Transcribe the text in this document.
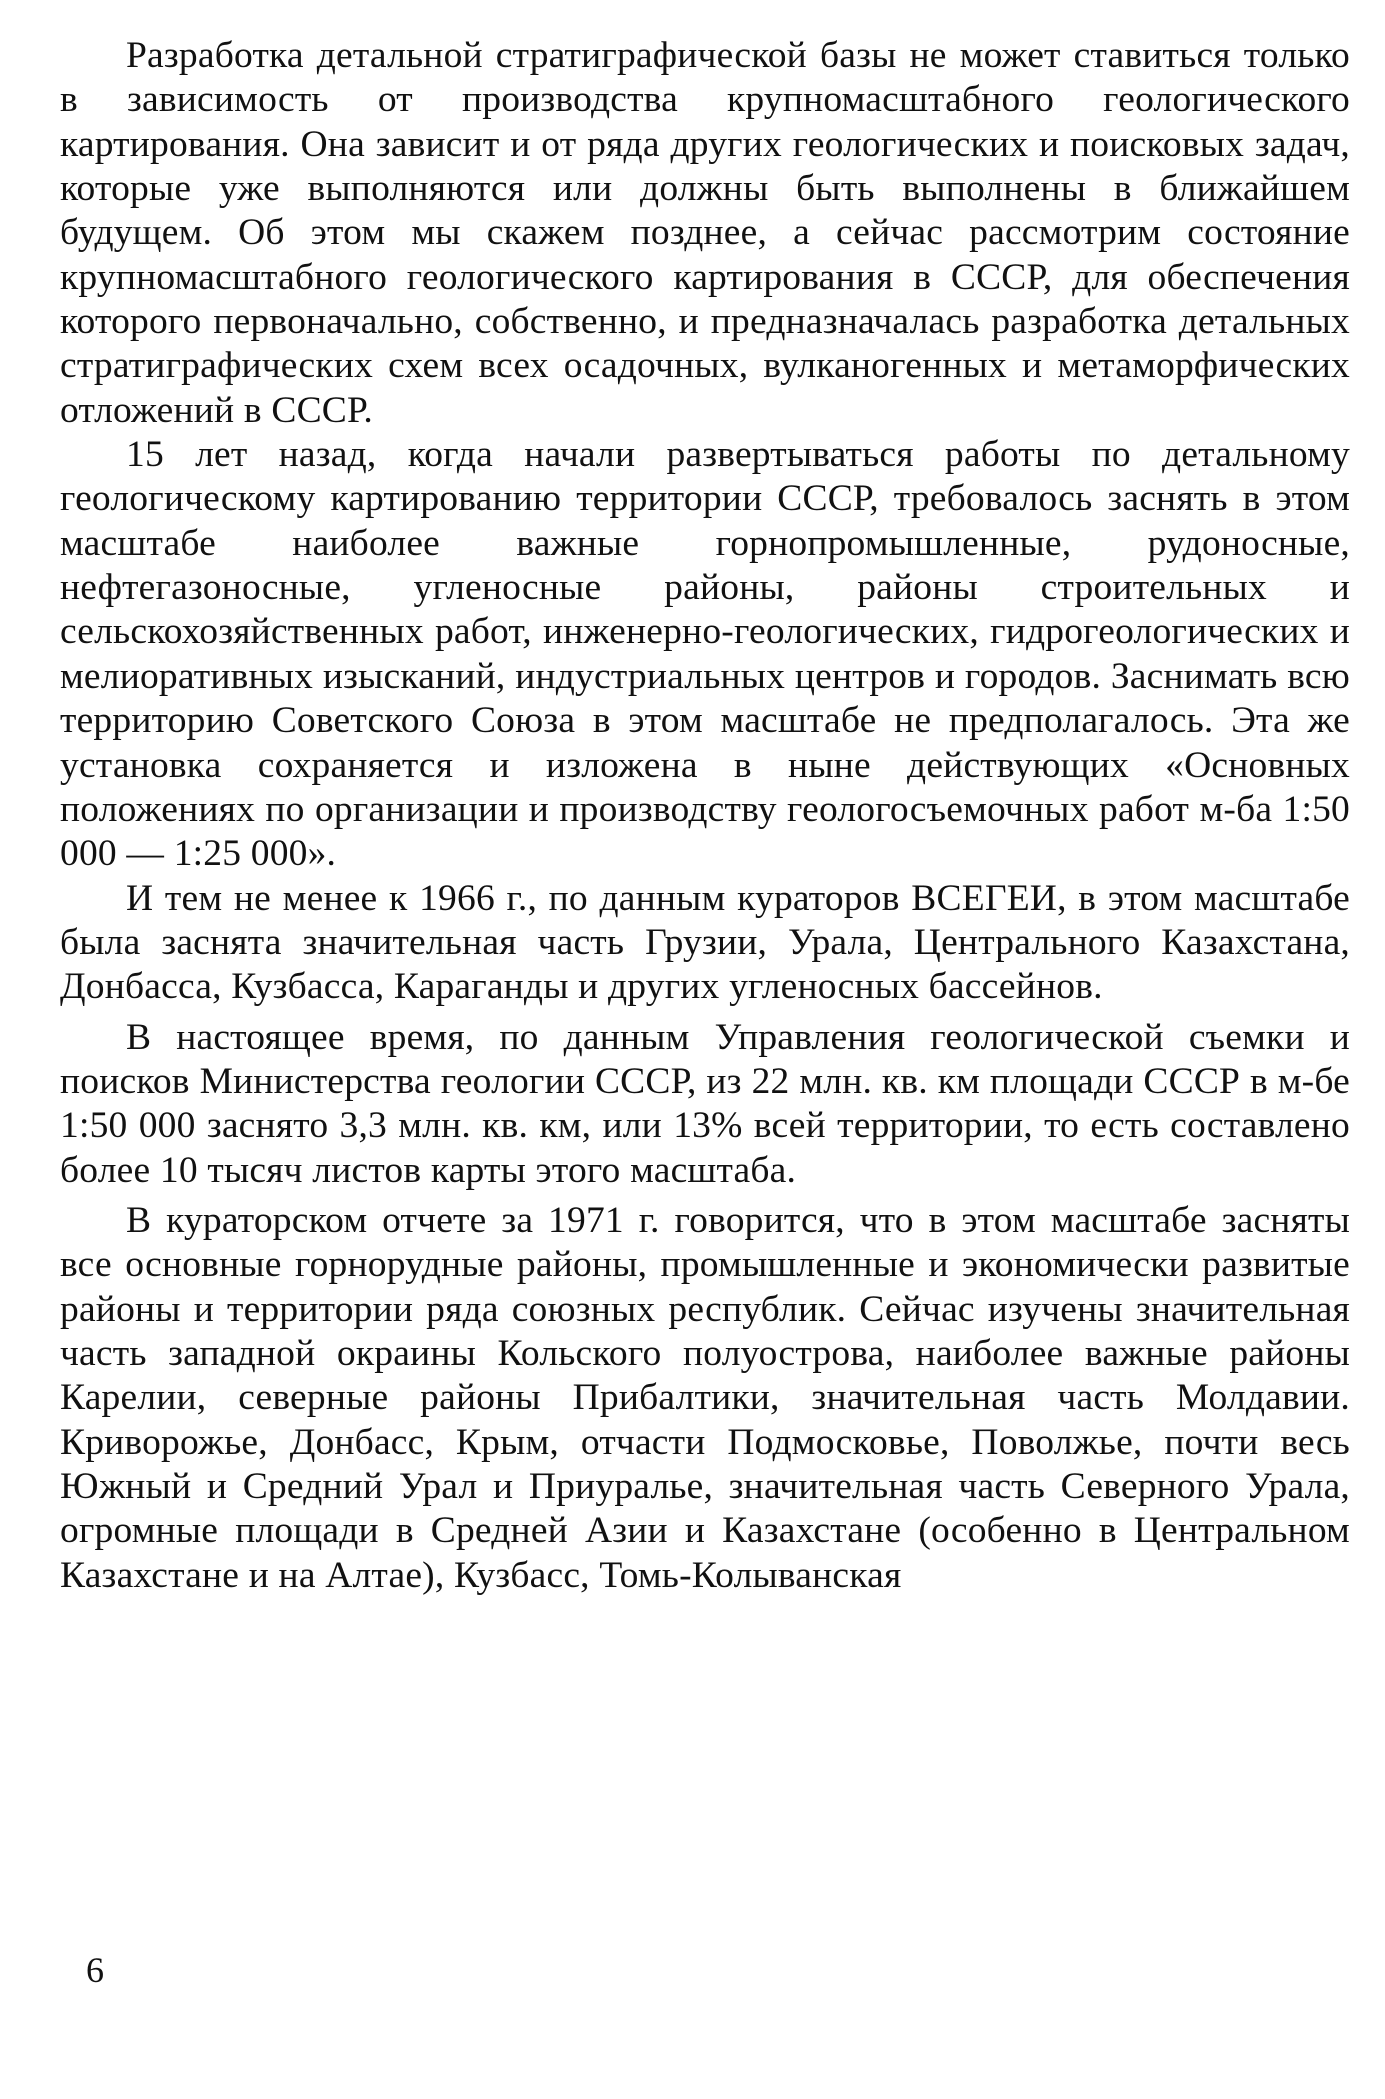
Разработка детальной стратиграфической базы не может ставиться только в зависимость от производства крупномасштабного геологического картирования. Она зависит и от ряда других геологических и поисковых задач, которые уже выполняются или должны быть выполнены в ближайшем будущем. Об этом мы скажем позднее, а сейчас рассмотрим состояние крупномасштабного геологического картирования в СССР, для обеспечения которого первоначально, собственно, и предназначалась разработка детальных стратиграфических схем всех осадочных, вулканогенных и метаморфических отложений в СССР.

15 лет назад, когда начали развертываться работы по детальному геологическому картированию территории СССР, требовалось заснять в этом масштабе наиболее важные горнопромышленные, рудоносные, нефтегазоносные, угленосные районы, районы строительных и сельскохозяйственных работ, инженерно-геологических, гидрогеологических и мелиоративных изысканий, индустриальных центров и городов. Заснимать всю территорию Советского Союза в этом масштабе не предполагалось. Эта же установка сохраняется и изложена в ныне действующих «Основных положениях по организации и производству геологосъемочных работ м-ба 1:50 000 — 1:25 000».

И тем не менее к 1966 г., по данным кураторов ВСЕГЕИ, в этом масштабе была заснята значительная часть Грузии, Урала, Центрального Казахстана, Донбасса, Кузбасса, Караганды и других угленосных бассейнов.

В настоящее время, по данным Управления геологической съемки и поисков Министерства геологии СССР, из 22 млн. кв. км площади СССР в м-бе 1:50 000 заснято 3,3 млн. кв. км, или 13% всей территории, то есть составлено более 10 тысяч листов карты этого масштаба.

В кураторском отчете за 1971 г. говорится, что в этом масштабе засняты все основные горнорудные районы, промышленные и экономически развитые районы и территории ряда союзных республик. Сейчас изучены значительная часть западной окраины Кольского полуострова, наиболее важные районы Карелии, северные районы Прибалтики, значительная часть Молдавии. Криворожье, Донбасс, Крым, отчасти Подмосковье, Поволжье, почти весь Южный и Средний Урал и Приуралье, значительная часть Северного Урала, огромные площади в Средней Азии и Казахстане (особенно в Центральном Казахстане и на Алтае), Кузбасс, Томь-Колыванская

6
